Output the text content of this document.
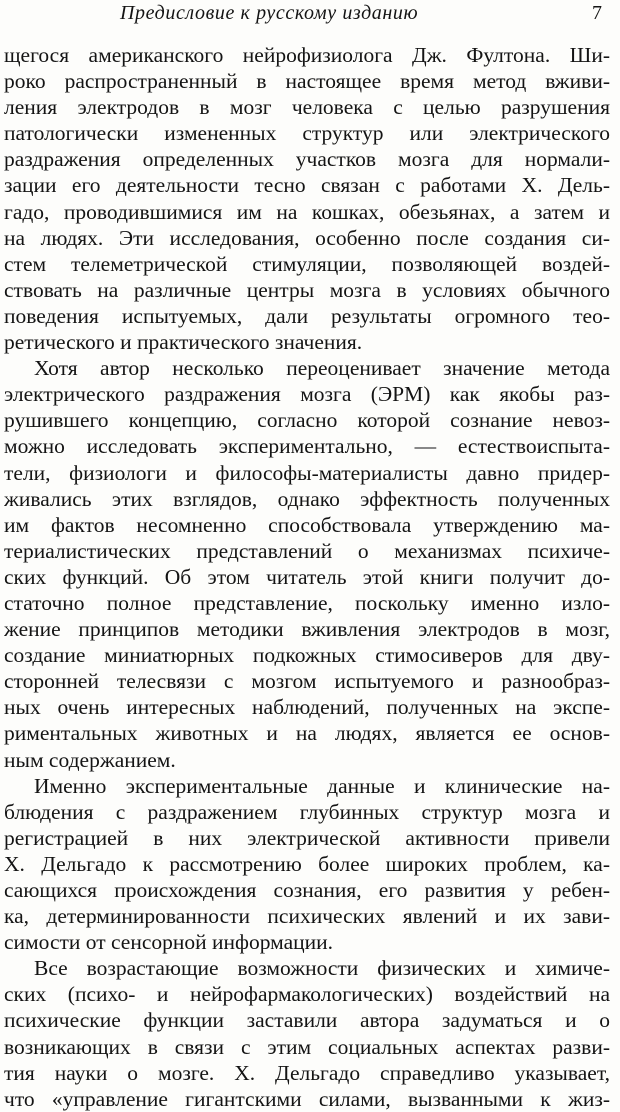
Предисловие к русскому изданию	7
щегося американского нейрофизиолога Дж. Фултона. Ши-
роко распространенный в настоящее время метод вживи-
ления электродов в мозг человека с целью разрушения
патологически измененных структур или электрического
раздражения определенных участков мозга для нормали-
зации его деятельности тесно связан с работами Х. Дель-
гадо, проводившимися им на кошках, обезьянах, а затем и
на людях. Эти исследования, особенно после создания си-
стем телеметрической стимуляции, позволяющей воздей-
ствовать на различные центры мозга в условиях обычного
поведения испытуемых, дали результаты огромного тео-
ретического и практического значения.
Хотя автор несколько переоценивает значение метода
электрического раздражения мозга (ЭРМ) как якобы раз-
рушившего концепцию, согласно которой сознание невоз-
можно исследовать экспериментально, — естествоиспыта-
тели, физиологи и философы-материалисты давно придер-
живались этих взглядов, однако эффектность полученных
им фактов несомненно способствовала утверждению ма-
териалистических представлений о механизмах психиче-
ских функций. Об этом читатель этой книги получит до-
статочно полное представление, поскольку именно изло-
жение принципов методики вживления электродов в мозг,
создание миниатюрных подкожных стимосиверов для дву-
сторонней телесвязи с мозгом испытуемого и разнообраз-
ных очень интересных наблюдений, полученных на экспе-
риментальных животных и на людях, является ее основ-
ным содержанием.
Именно экспериментальные данные и клинические на-
блюдения с раздражением глубинных структур мозга и
регистрацией в них электрической активности привели
Х. Дельгадо к рассмотрению более широких проблем, ка-
сающихся происхождения сознания, его развития у ребен-
ка, детерминированности психических явлений и их зави-
симости от сенсорной информации.
Все возрастающие возможности физических и химиче-
ских (психо- и нейрофармакологических) воздействий на
психические функции заставили автора задуматься и о
возникающих в связи с этим социальных аспектах разви-
тия науки о мозге. Х. Дельгадо справедливо указывает,
что «управление гигантскими силами, вызванными к жиз-
